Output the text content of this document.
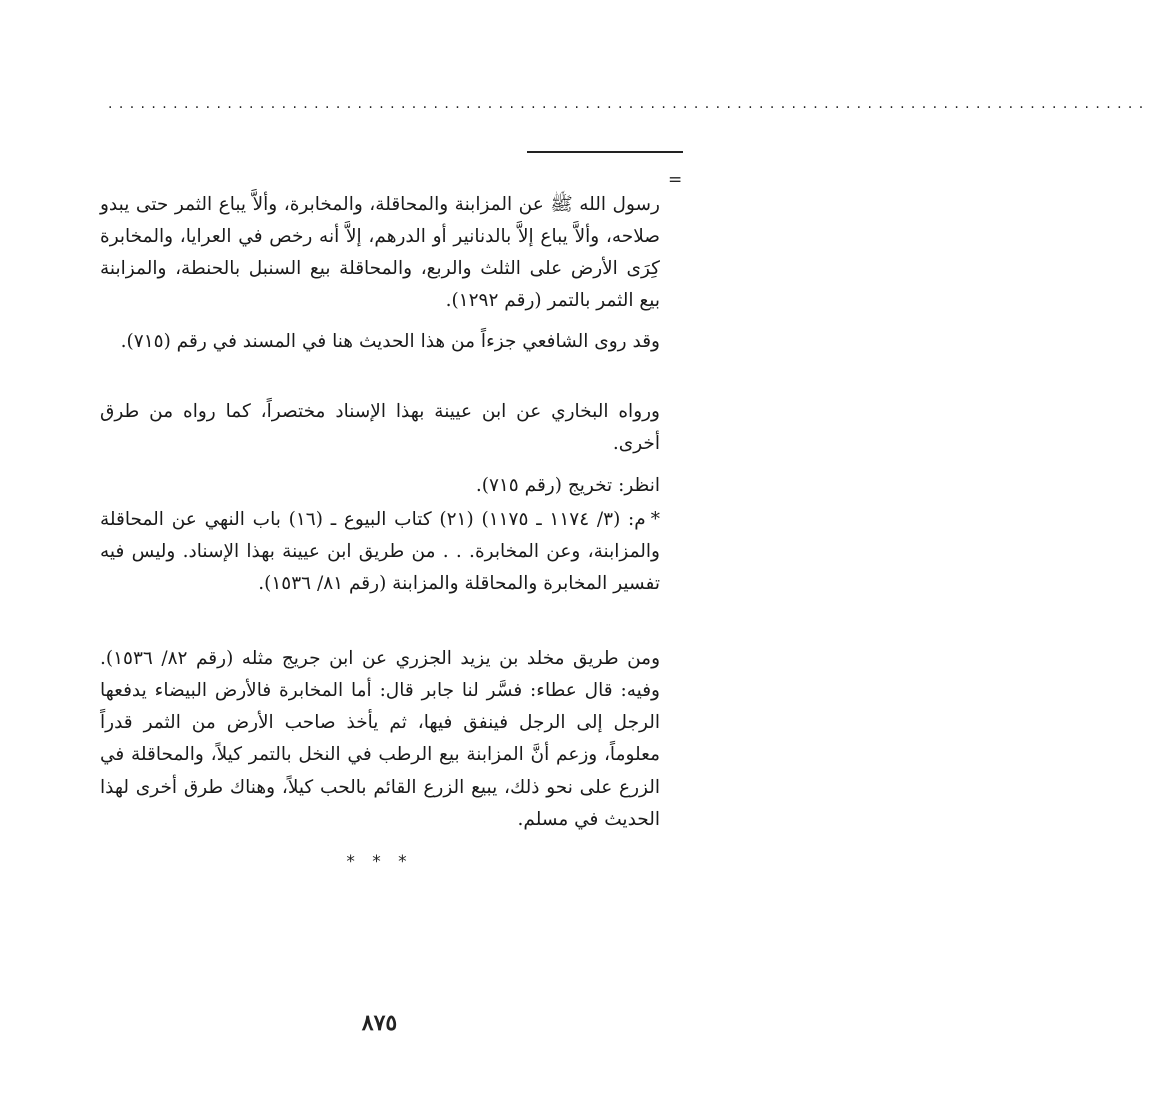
................................................................................................
=

رسول الله ﷺ عن المزابنة والمحاقلة، والمخابرة، وألاَّ يباع الثمر حتى يبدو صلاحه، وألاَّ يباع إلاَّ بالدنانير أو الدرهم، إلاَّ أنه رخص في العرايا، والمخابرة كِرَى الأرض على الثلث والربع، والمحاقلة بيع السنبل بالحنطة، والمزابنة بيع الثمر بالتمر (رقم ١٢٩٢).

وقد روى الشافعي جزءاً من هذا الحديث هنا في المسند في رقم (٧١٥).

ورواه البخاري عن ابن عيينة بهذا الإسناد مختصراً، كما رواه من طرق أخرى.

انظر: تخريج (رقم ٧١٥).

*م: (٣/ ١١٧٤ ـ ١١٧٥) (٢١) كتاب البيوع ـ (١٦) باب النهي عن المحاقلة والمزابنة، وعن المخابرة. . . من طريق ابن عيينة بهذا الإسناد. وليس فيه تفسير المخابرة والمحاقلة والمزابنة (رقم ٨١/ ١٥٣٦).

ومن طريق مخلد بن يزيد الجزري عن ابن جريج مثله (رقم ٨٢/ ١٥٣٦). وفيه: قال عطاء: فسَّر لنا جابر قال: أما المخابرة فالأرض البيضاء يدفعها الرجل إلى الرجل فينفق فيها، ثم يأخذ صاحب الأرض من الثمر قدراً معلوماً، وزعم أنَّ المزابنة بيع الرطب في النخل بالتمر كيلاً، والمحاقلة في الزرع على نحو ذلك، يبيع الزرع القائم بالحب كيلاً، وهناك طرق أخرى لهذا الحديث في مسلم.

* * *
٨٧٥
